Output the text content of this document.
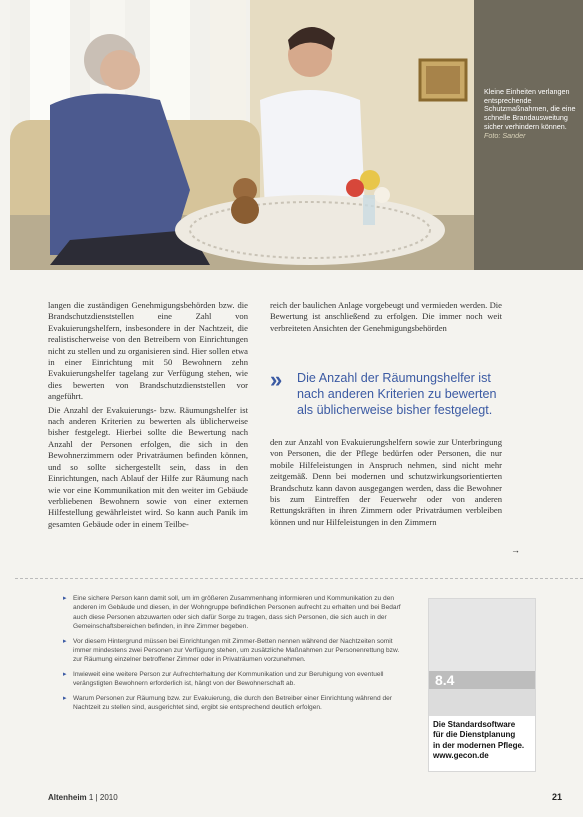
Kleine Einheiten verlangen entsprechende Schutzmaßnahmen, die eine schnelle Brandausweitung sicher verhindern können.
Foto: Sander

langen die zuständigen Genehmigungsbehörden bzw. die Brandschutzdienststellen eine Zahl von Evakuierungshelfern, insbesondere in der Nachtzeit, die realistischerweise von den Betreibern von Einrichtungen nicht zu stellen und zu organisieren sind. Hier sollen etwa in einer Einrichtung mit 50 Bewohnern zehn Evakuierungshelfer tagelang zur Verfügung stehen, wie dies bewerten von Brandschutzdienststellen vor angeführt.

Die Anzahl der Evakuierungs- bzw. Räumungshelfer ist nach anderen Kriterien zu bewerten als üblicherweise bisher festgelegt. Hierbei sollte die Bewertung nach Anzahl der Personen erfolgen, die sich in den Bewohnerzimmern oder Privaträumen befinden können, und so sollte sichergestellt sein, dass in den Einrichtungen, nach Ablauf der Hilfe zur Räumung nach wie vor eine Kommunikation mit den weiter im Gebäude verbliebenen Bewohnern sowie von einer externen Hilfestellung gewährleistet wird. So kann auch Panik im gesamten Gebäude oder in einem Teilbe-

reich der baulichen Anlage vorgebeugt und vermieden werden. Die Bewertung ist anschließend zu erfolgen. Die immer noch weit verbreiteten Ansichten der Genehmigungsbehörden

» Die Anzahl der Räumungshelfer ist nach anderen Kriterien zu bewerten als üblicherweise bisher festgelegt.

den zur Anzahl von Evakuierungshelfern sowie zur Unterbringung von Personen, die der Pflege bedürfen oder Personen, die nur mobile Hilfeleistungen in Anspruch nehmen, sind nicht mehr zeitgemäß. Denn bei modernen und schutzwirkungsorientierten Brandschutz kann davon ausgegangen werden, dass die Bewohner bis zum Eintreffen der Feuerwehr oder von anderen Rettungskräften in ihren Zimmern oder Privaträumen verbleiben können und nur Hilfeleistungen in den Zimmern

→
▸ Eine sichere Person kann damit soll, um im größeren Zusammenhang informieren und Kommunikation zu den anderen im Gebäude und diesen, in der Wohngruppe befindlichen Personen aufrecht zu erhalten und bei Bedarf auch diese Personen abzuwarten oder sich dafür Sorge zu tragen, dass sich Personen, die sich auch in der Gemeinschaftsbereichen befinden, in ihre Zimmer begeben.
▸ Vor diesem Hintergrund müssen bei Einrichtungen mit Zimmer-Betten nennen während der Nachtzeiten somit immer mindestens zwei Personen zur Verfügung stehen, um zusätzliche Maßnahmen zur Personenrettung bzw. zur Räumung einzelner betroffener Zimmer oder in Privaträumen vorzunehmen.
▸ Inwieweit eine weitere Person zur Aufrechterhaltung der Kommunikation und zur Beruhigung von eventuell verängstigten Bewohnern erforderlich ist, hängt von der Bewohnerschaft ab.
▸ Warum Personen zur Räumung bzw. zur Evakuierung, die durch den Betreiber einer Einrichtung während der Nachtzeit zu stellen sind, ausgerichtet sind, ergibt sie entsprechend deutlich erfolgen.
8.4
Die Standardsoftware
für die Dienstplanung
in der modernen Pflege.
www.gecon.de
Altenheim 1 | 2010	21
